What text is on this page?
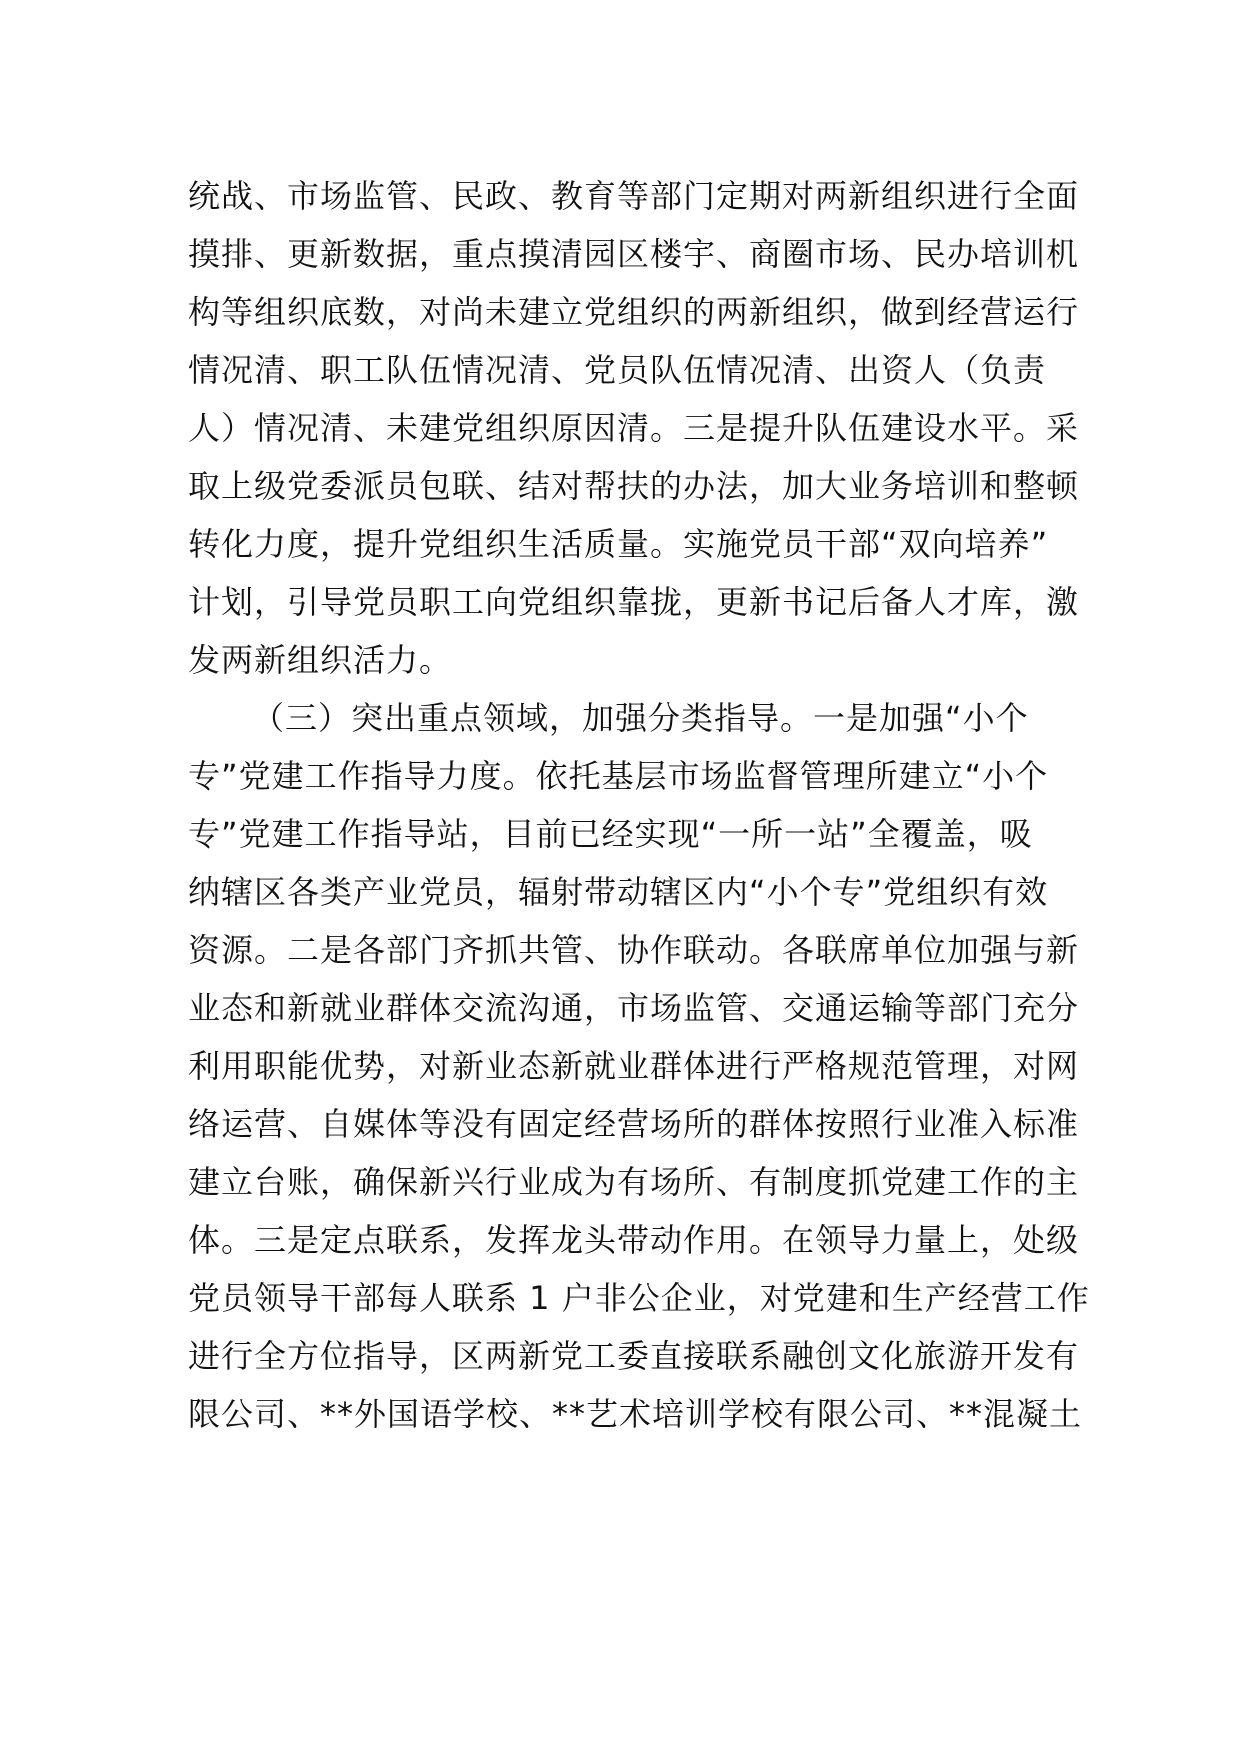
统战、市场监管、民政、教育等部门定期对两新组织进行全面
摸排、更新数据，重点摸清园区楼宇、商圈市场、民办培训机
构等组织底数，对尚未建立党组织的两新组织，做到经营运行
情况清、职工队伍情况清、党员队伍情况清、出资人（负责
人）情况清、未建党组织原因清。三是提升队伍建设水平。采
取上级党委派员包联、结对帮扶的办法，加大业务培训和整顿
转化力度，提升党组织生活质量。实施党员干部“双向培养”
计划，引导党员职工向党组织靠拢，更新书记后备人才库，激
发两新组织活力。
（三）突出重点领域，加强分类指导。一是加强“小个
专”党建工作指导力度。依托基层市场监督管理所建立“小个
专”党建工作指导站，目前已经实现“一所一站”全覆盖，吸
纳辖区各类产业党员，辐射带动辖区内“小个专”党组织有效
资源。二是各部门齐抓共管、协作联动。各联席单位加强与新
业态和新就业群体交流沟通，市场监管、交通运输等部门充分
利用职能优势，对新业态新就业群体进行严格规范管理，对网
络运营、自媒体等没有固定经营场所的群体按照行业准入标准
建立台账，确保新兴行业成为有场所、有制度抓党建工作的主
体。三是定点联系，发挥龙头带动作用。在领导力量上，处级
党员领导干部每人联系 1 户非公企业，对党建和生产经营工作
进行全方位指导，区两新党工委直接联系融创文化旅游开发有
限公司、**外国语学校、**艺术培训学校有限公司、**混凝土
